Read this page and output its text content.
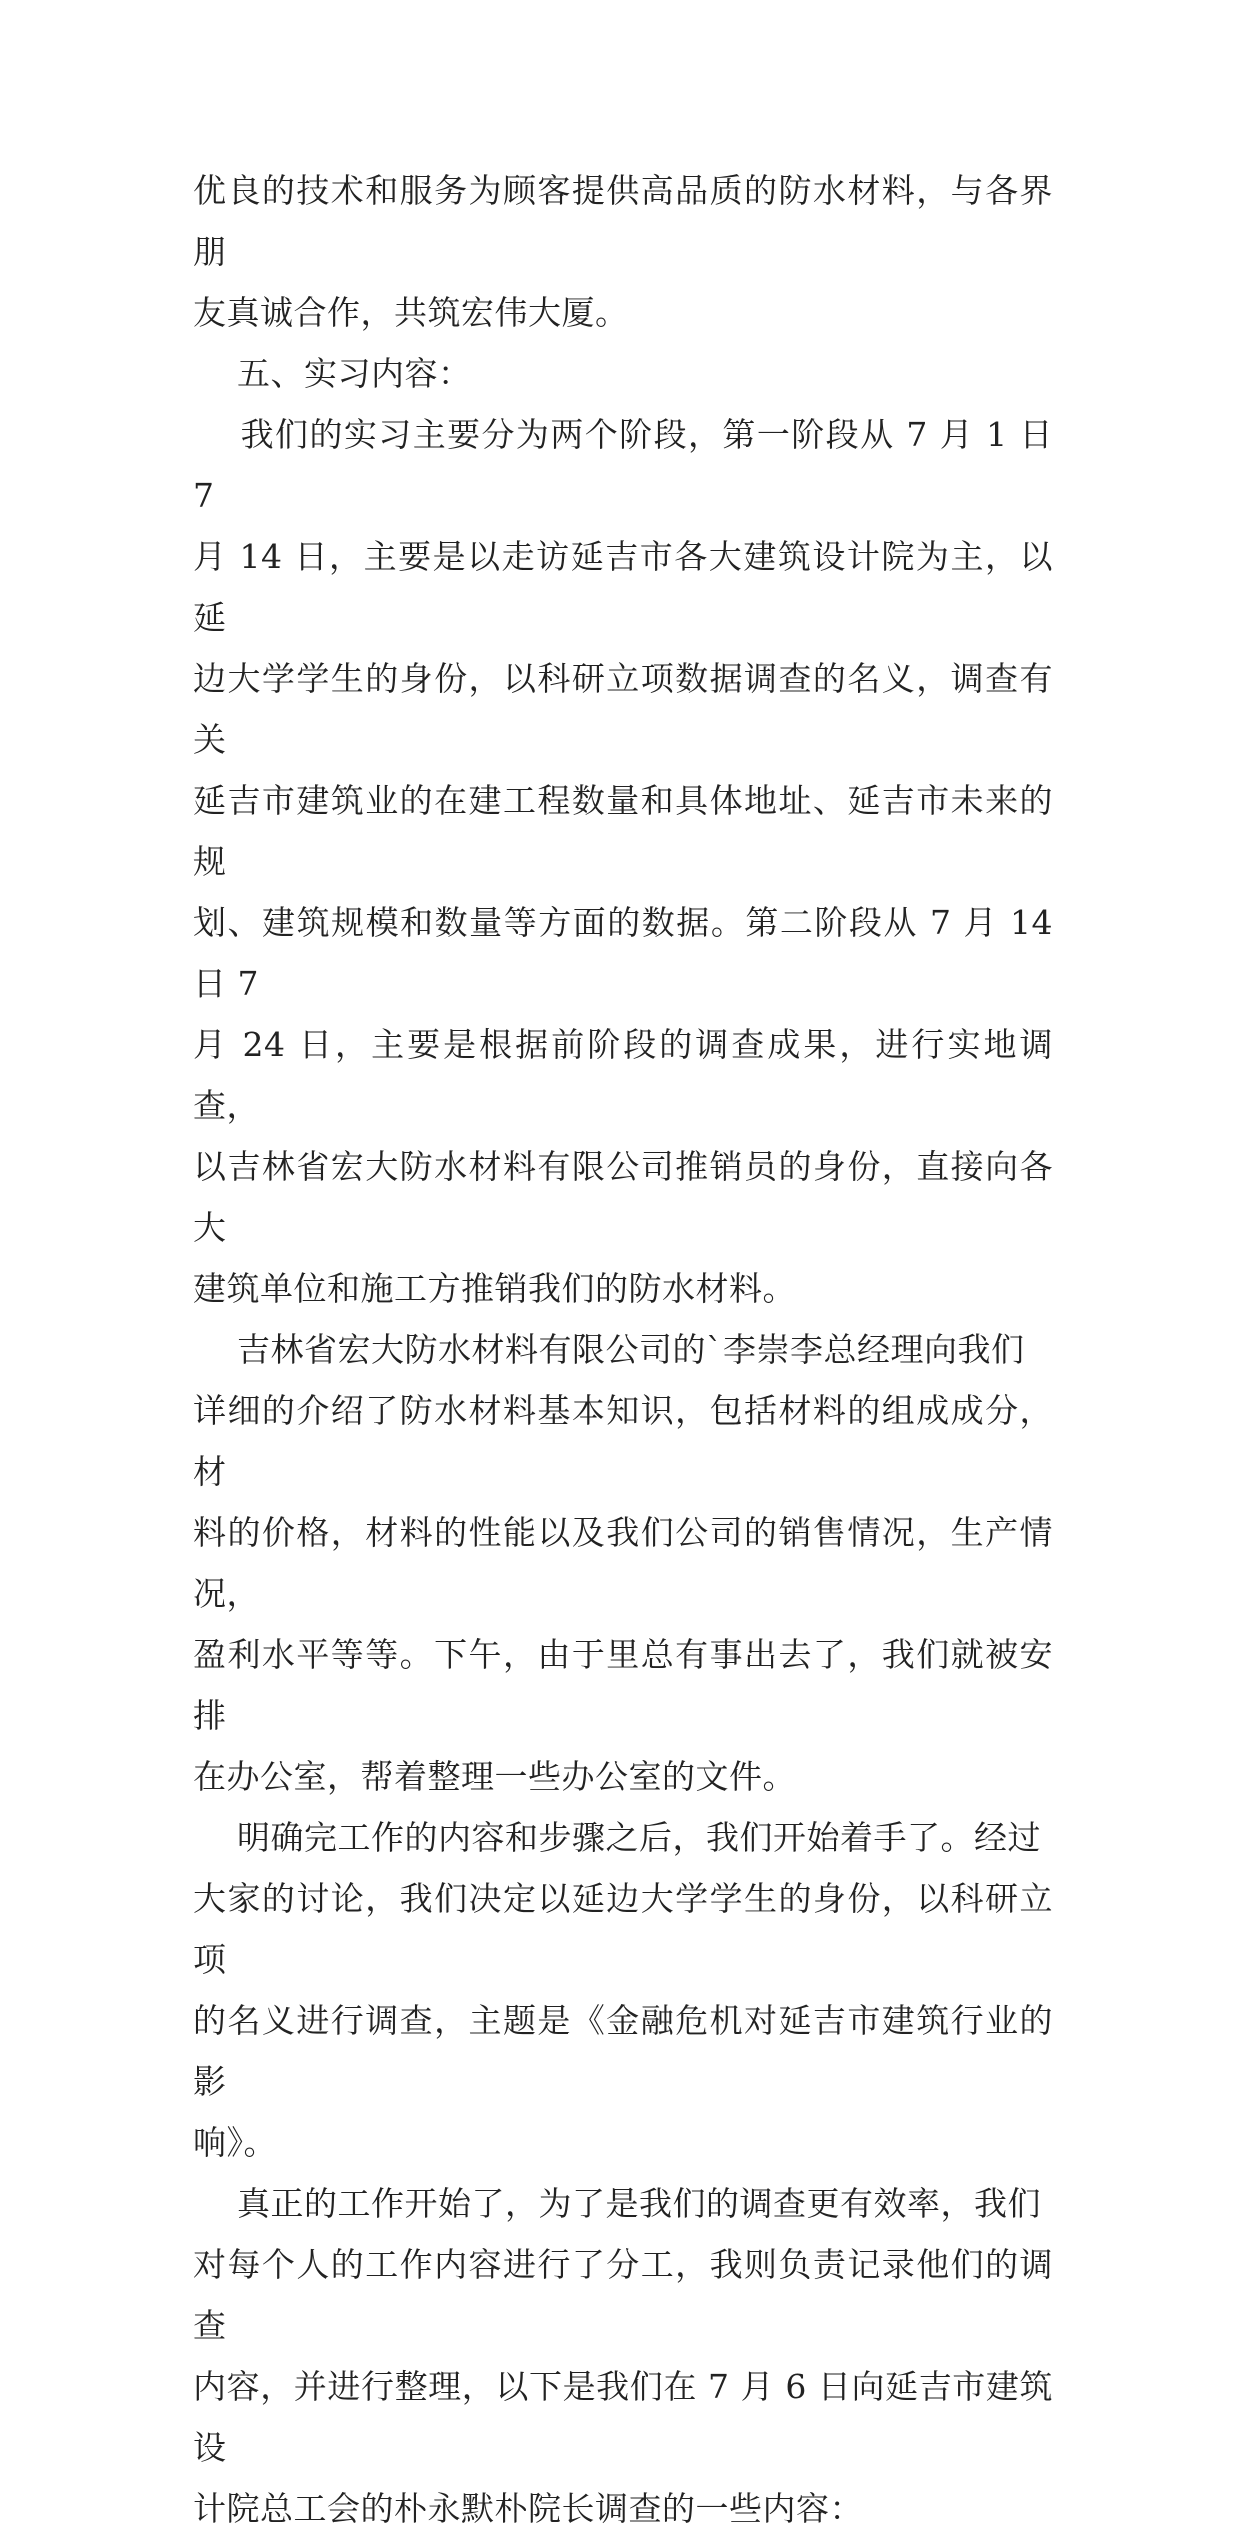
优良的技术和服务为顾客提供高品质的防水材料，与各界朋

友真诚合作，共筑宏伟大厦。

五、实习内容：

我们的实习主要分为两个阶段，第一阶段从 7 月 1 日 7

月 14 日，主要是以走访延吉市各大建筑设计院为主，以延

边大学学生的身份，以科研立项数据调查的名义，调查有关

延吉市建筑业的在建工程数量和具体地址、延吉市未来的规

划、建筑规模和数量等方面的数据。第二阶段从 7 月 14 日 7

月 24 日，主要是根据前阶段的调查成果，进行实地调查，

以吉林省宏大防水材料有限公司推销员的身份，直接向各大

建筑单位和施工方推销我们的防水材料。

吉林省宏大防水材料有限公司的`李崇李总经理向我们

详细的介绍了防水材料基本知识，包括材料的组成成分，材

料的价格，材料的性能以及我们公司的销售情况，生产情况，

盈利水平等等。下午，由于里总有事出去了，我们就被安排

在办公室，帮着整理一些办公室的文件。

明确完工作的内容和步骤之后，我们开始着手了。经过

大家的讨论，我们决定以延边大学学生的身份，以科研立项

的名义进行调查，主题是《金融危机对延吉市建筑行业的影

响》。

真正的工作开始了，为了是我们的调查更有效率，我们

对每个人的工作内容进行了分工，我则负责记录他们的调查

内容，并进行整理，以下是我们在 7 月 6 日向延吉市建筑设

计院总工会的朴永默朴院长调查的一些内容：
